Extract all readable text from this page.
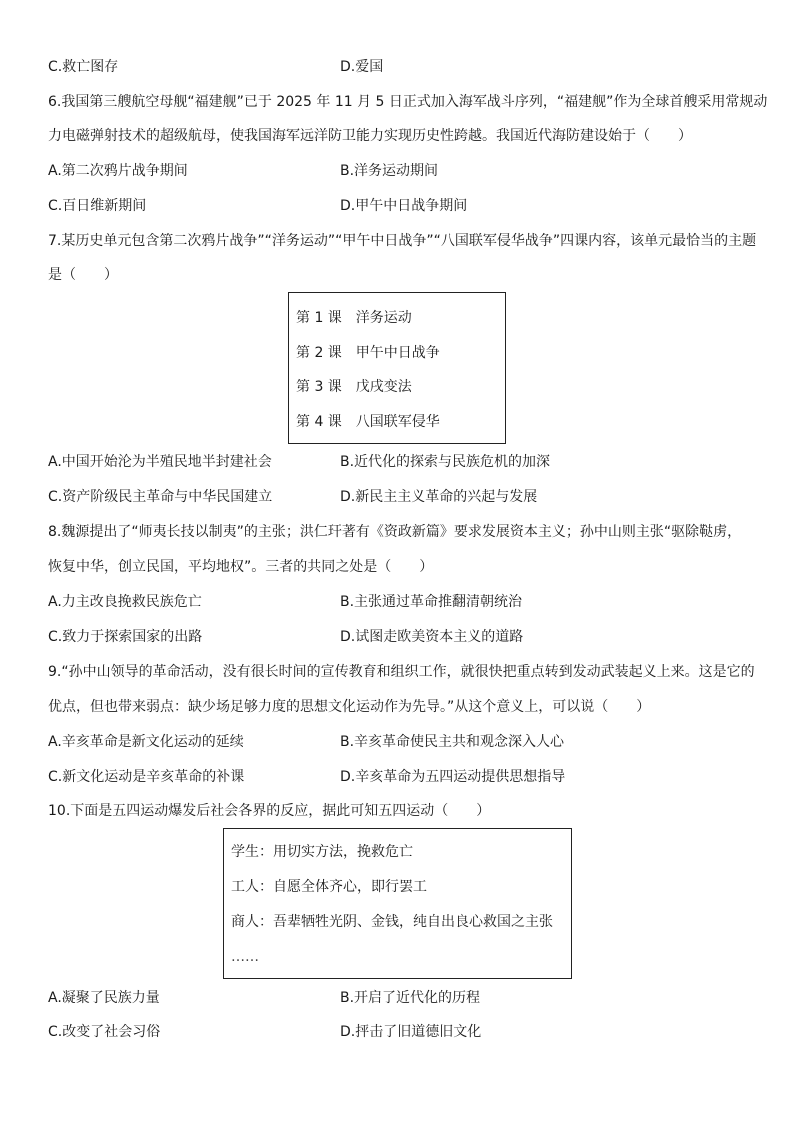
C.救亡图存	D.爱国
6.我国第三艘航空母舰“福建舰”已于 2025 年 11 月 5 日正式加入海军战斗序列，“福建舰”作为全球首艘采用常规动
力电磁弹射技术的超级航母，使我国海军远洋防卫能力实现历史性跨越。我国近代海防建设始于（　　）
A.第二次鸦片战争期间	B.洋务运动期间
C.百日维新期间	D.甲午中日战争期间
7.某历史单元包含第二次鸦片战争”“洋务运动”“甲午中日战争”“八国联军侵华战争”四课内容，该单元最恰当的主题
是（　　）
第 1 课　洋务运动
第 2 课　甲午中日战争
第 3 课　戊戌变法
第 4 课　八国联军侵华
A.中国开始沦为半殖民地半封建社会	B.近代化的探索与民族危机的加深
C.资产阶级民主革命与中华民国建立	D.新民主主义革命的兴起与发展
8.魏源提出了“师夷长技以制夷”的主张；洪仁玕著有《资政新篇》要求发展资本主义；孙中山则主张“驱除鞑虏，
恢复中华，创立民国，平均地权”。三者的共同之处是（　　）
A.力主改良挽救民族危亡	B.主张通过革命推翻清朝统治
C.致力于探索国家的出路	D.试图走欧美资本主义的道路
9.“孙中山领导的革命活动，没有很长时间的宣传教育和组织工作，就很快把重点转到发动武装起义上来。这是它的
优点，但也带来弱点：缺少场足够力度的思想文化运动作为先导。”从这个意义上，可以说（　　）
A.辛亥革命是新文化运动的延续	B.辛亥革命使民主共和观念深入人心
C.新文化运动是辛亥革命的补课	D.辛亥革命为五四运动提供思想指导
10.下面是五四运动爆发后社会各界的反应，据此可知五四运动（　　）
学生：用切实方法，挽救危亡
工人：自愿全体齐心，即行罢工
商人：吾辈牺牲光阴、金钱，纯自出良心救国之主张
……
A.凝聚了民族力量	B.开启了近代化的历程
C.改变了社会习俗	D.抨击了旧道德旧文化
